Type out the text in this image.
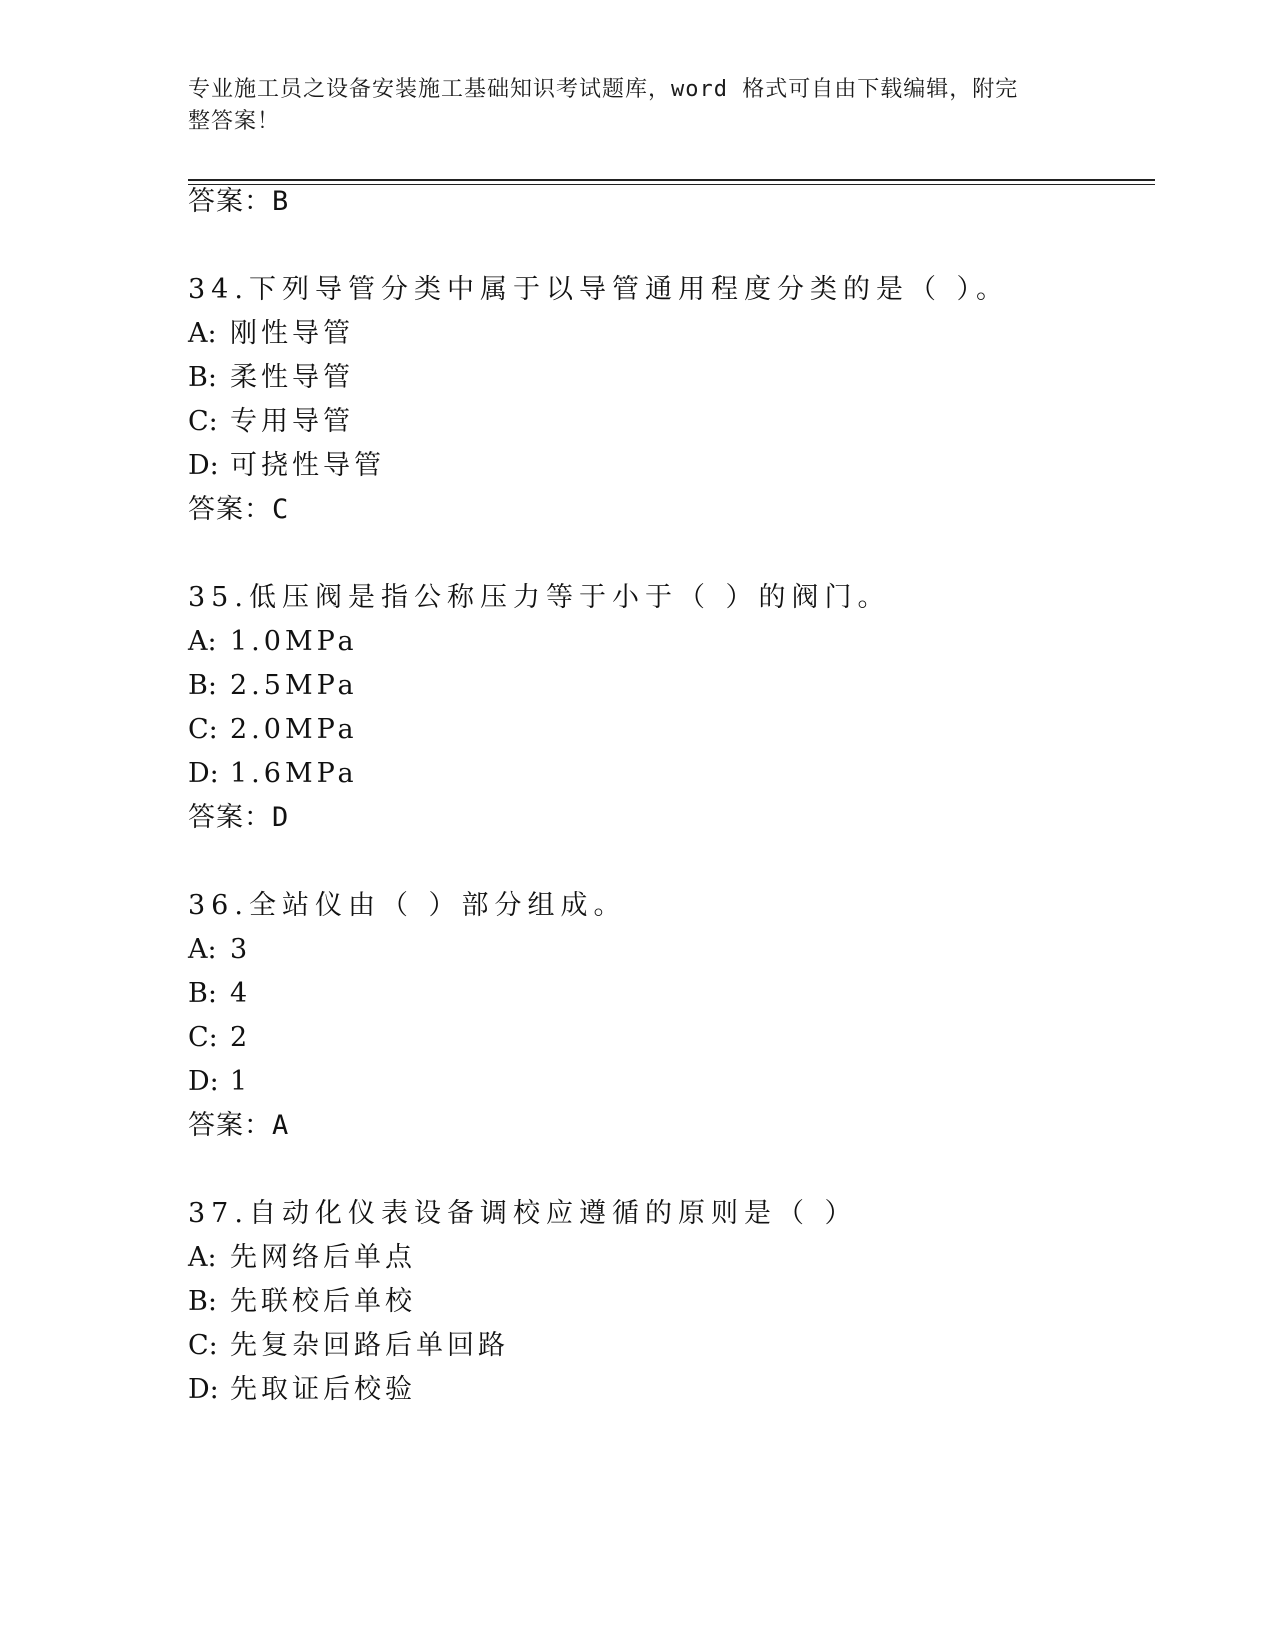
专业施工员之设备安装施工基础知识考试题库，word 格式可自由下载编辑，附完
整答案！
答案：B
34.下列导管分类中属于以导管通用程度分类的是（ ）。
A: 刚性导管
B: 柔性导管
C: 专用导管
D: 可挠性导管
答案：C
35.低压阀是指公称压力等于小于（ ）的阀门。
A: 1.0MPa
B: 2.5MPa
C: 2.0MPa
D: 1.6MPa
答案：D
36.全站仪由（ ）部分组成。
A: 3
B: 4
C: 2
D: 1
答案：A
37.自动化仪表设备调校应遵循的原则是（ ）
A: 先网络后单点
B: 先联校后单校
C: 先复杂回路后单回路
D: 先取证后校验
